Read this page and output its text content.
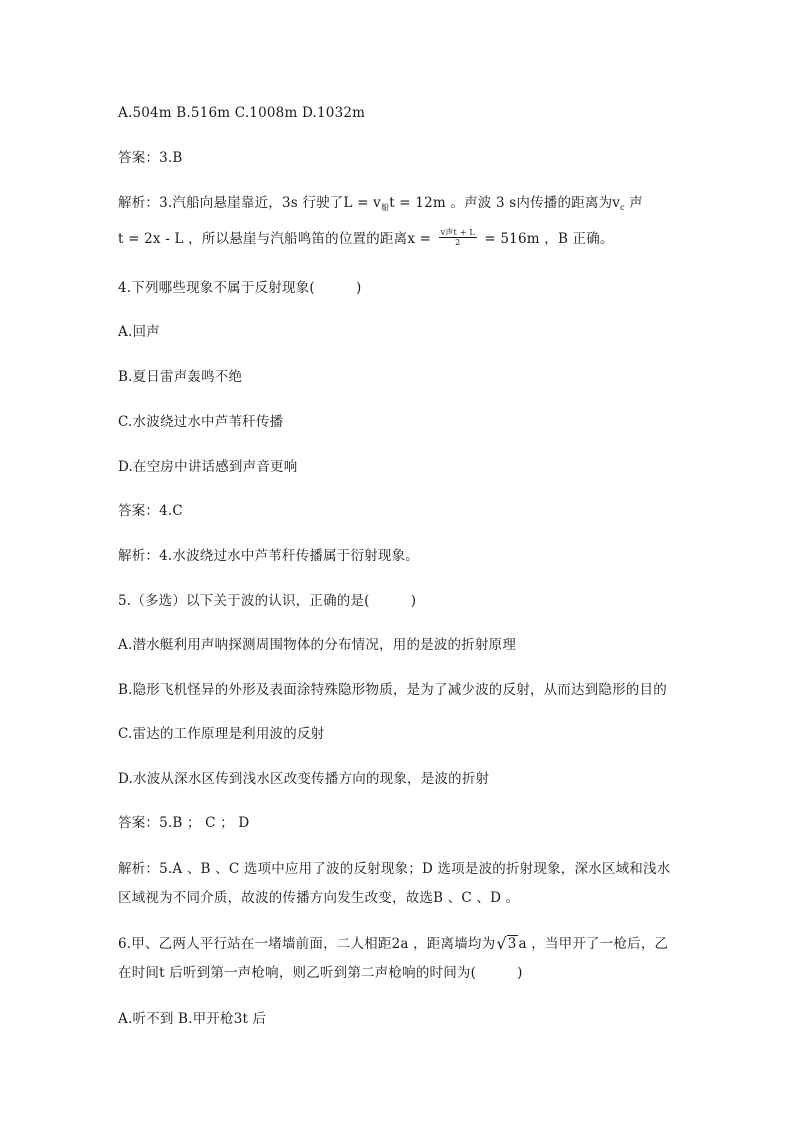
A.504m B.516m C.1008m D.1032m
答案：3.B
解析：3.汽船向悬崖靠近，3s 行驶了$L = v_船t = 12m$ 。声波 3 s内传播的距离为$v_c$ 声
t = 2x - L ，所以悬崖与汽船鸣笛的位置的距离$x = \frac{\text{v声t + L}}{2} = 516m$ ，B 正确。
4.下列哪些现象不属于反射现象(　　　)
A.回声
B.夏日雷声轰鸣不绝
C.水波绕过水中芦苇秆传播
D.在空房中讲话感到声音更响
答案：4.C
解析：4.水波绕过水中芦苇秆传播属于衍射现象。
5.（多选）以下关于波的认识，正确的是(　　　)
A.潜水艇利用声呐探测周围物体的分布情况，用的是波的折射原理
B.隐形飞机怪异的外形及表面涂特殊隐形物质，是为了减少波的反射，从而达到隐形的目的
C.雷达的工作原理是利用波的反射
D.水波从深水区传到浅水区改变传播方向的现象，是波的折射
答案：5.B ； C ； D
解析：5.A 、B 、C 选项中应用了波的反射现象；D 选项是波的折射现象，深水区域和浅水
区域视为不同介质，故波的传播方向发生改变，故选B 、C 、D 。
6.甲、乙两人平行站在一堵墙前面，二人相距2a ，距离墙均为√3 a ，当甲开了一枪后，乙
在时间t 后听到第一声枪响，则乙听到第二声枪响的时间为(　　　)
A.听不到 B.甲开枪3t 后
